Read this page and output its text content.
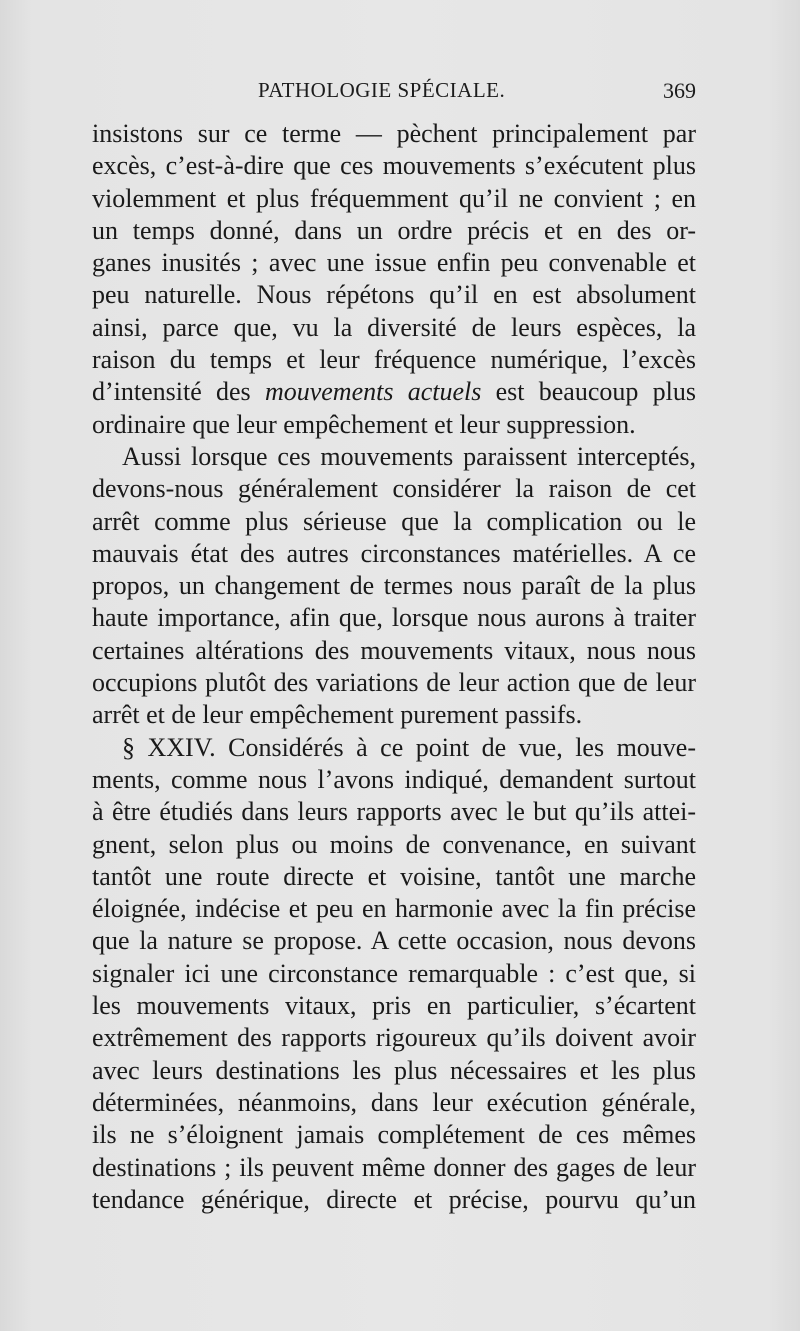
PATHOLOGIE SPÉCIALE.	369
insistons sur ce terme — pèchent principalement par
excès, c’est-à-dire que ces mouvements s’exécutent plus
violemment et plus fréquemment qu’il ne convient ; en
un temps donné, dans un ordre précis et en des or-
ganes inusités ; avec une issue enfin peu convenable et
peu naturelle. Nous répétons qu’il en est absolument
ainsi, parce que, vu la diversité de leurs espèces, la
raison du temps et leur fréquence numérique, l’excès
d’intensité des mouvements actuels est beaucoup plus
ordinaire que leur empêchement et leur suppression.
Aussi lorsque ces mouvements paraissent interceptés,
devons-nous généralement considérer la raison de cet
arrêt comme plus sérieuse que la complication ou le
mauvais état des autres circonstances matérielles. A ce
propos, un changement de termes nous paraît de la plus
haute importance, afin que, lorsque nous aurons à traiter
certaines altérations des mouvements vitaux, nous nous
occupions plutôt des variations de leur action que de leur
arrêt et de leur empêchement purement passifs.
§ XXIV. Considérés à ce point de vue, les mouve-
ments, comme nous l’avons indiqué, demandent surtout
à être étudiés dans leurs rapports avec le but qu’ils attei-
gnent, selon plus ou moins de convenance, en suivant
tantôt une route directe et voisine, tantôt une marche
éloignée, indécise et peu en harmonie avec la fin précise
que la nature se propose. A cette occasion, nous devons
signaler ici une circonstance remarquable : c’est que, si
les mouvements vitaux, pris en particulier, s’écartent
extrêmement des rapports rigoureux qu’ils doivent avoir
avec leurs destinations les plus nécessaires et les plus
déterminées, néanmoins, dans leur exécution générale,
ils ne s’éloignent jamais complétement de ces mêmes
destinations ; ils peuvent même donner des gages de leur
tendance générique, directe et précise, pourvu qu’un
